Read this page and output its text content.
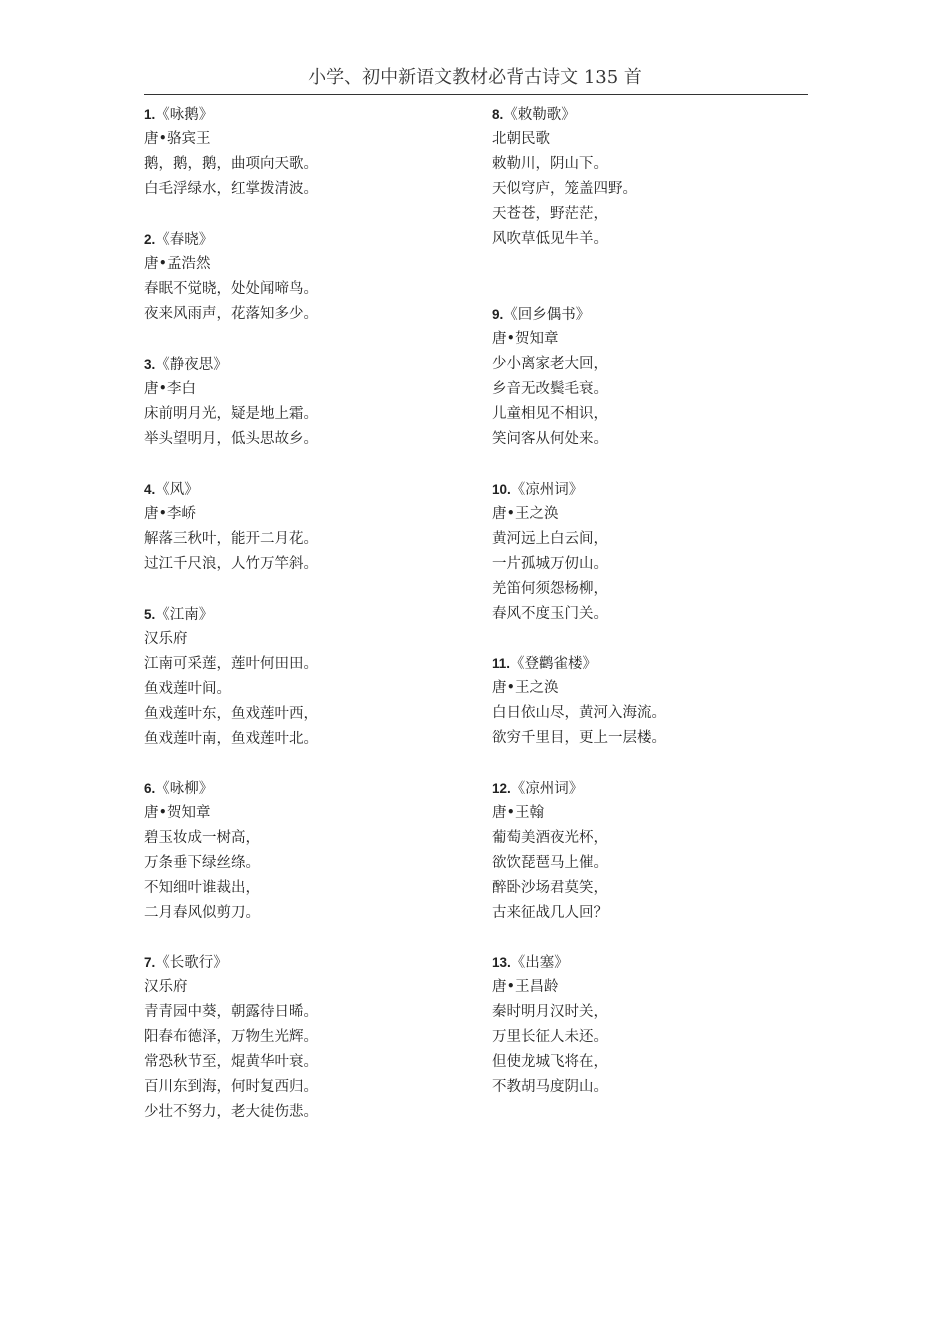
小学、初中新语文教材必背古诗文 135 首
1.《咏鹅》
唐•骆宾王
鹅，鹅，鹅，曲项向天歌。
白毛浮绿水，红掌拨清波。
2.《春晓》
唐•孟浩然
春眠不觉晓，处处闻啼鸟。
夜来风雨声，花落知多少。
3.《静夜思》
唐•李白
床前明月光，疑是地上霜。
举头望明月，低头思故乡。
4.《风》
唐•李峤
解落三秋叶，能开二月花。
过江千尺浪，人竹万竿斜。
5.《江南》
汉乐府
江南可采莲，莲叶何田田。
鱼戏莲叶间。
鱼戏莲叶东，鱼戏莲叶西，
鱼戏莲叶南，鱼戏莲叶北。
6.《咏柳》
唐•贺知章
碧玉妆成一树高，
万条垂下绿丝绦。
不知细叶谁裁出，
二月春风似剪刀。
7.《长歌行》
汉乐府
青青园中葵，朝露待日晞。
阳春布德泽，万物生光辉。
常恐秋节至，焜黄华叶衰。
百川东到海，何时复西归。
少壮不努力，老大徒伤悲。
8.《敕勒歌》
北朝民歌
敕勒川，阴山下。
天似穹庐，笼盖四野。
天苍苍，野茫茫，
风吹草低见牛羊。
9.《回乡偶书》
唐•贺知章
少小离家老大回，
乡音无改鬓毛衰。
儿童相见不相识，
笑问客从何处来。
10.《凉州词》
唐•王之涣
黄河远上白云间，
一片孤城万仞山。
羌笛何须怨杨柳，
春风不度玉门关。
11.《登鹳雀楼》
唐•王之涣
白日依山尽，黄河入海流。
欲穷千里目，更上一层楼。
12.《凉州词》
唐•王翰
葡萄美酒夜光杯，
欲饮琵琶马上催。
醉卧沙场君莫笑，
古来征战几人回？
13.《出塞》
唐•王昌龄
秦时明月汉时关，
万里长征人未还。
但使龙城飞将在，
不教胡马度阴山。
